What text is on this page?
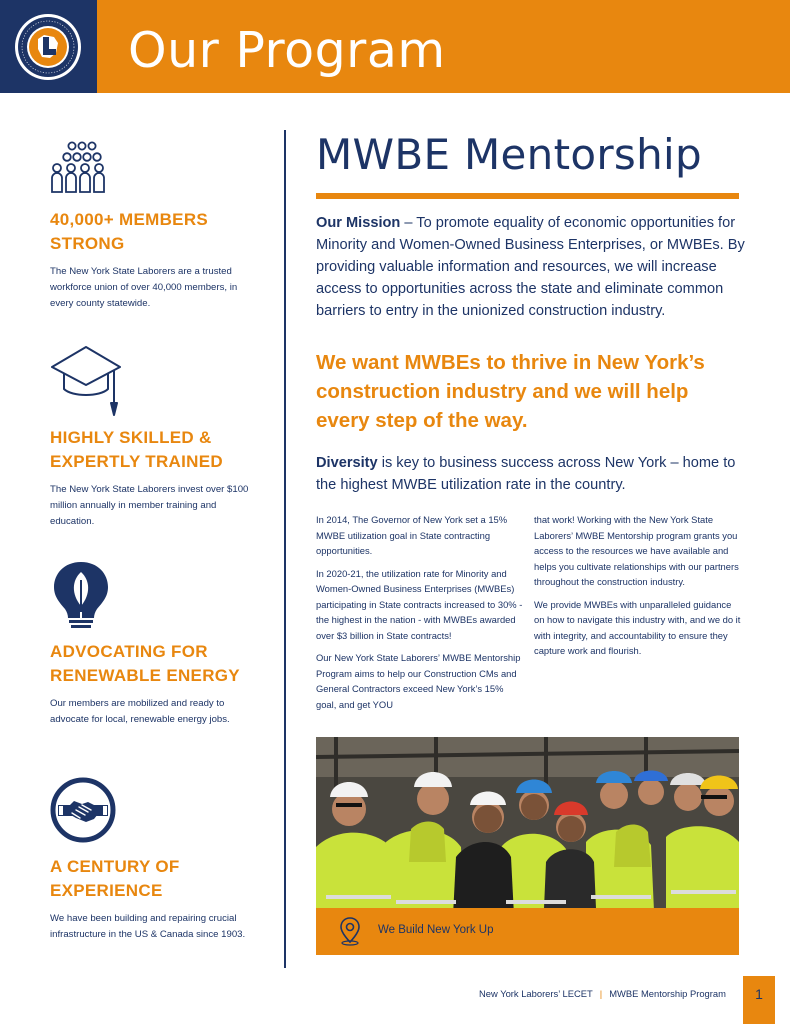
Our Program
40,000+ MEMBERS STRONG
The New York State Laborers are a trusted workforce union of over 40,000 members, in every county statewide.
HIGHLY SKILLED & EXPERTLY TRAINED
The New York State Laborers invest over $100 million annually in member training and education.
ADVOCATING FOR RENEWABLE ENERGY
Our members are mobilized and ready to advocate for local, renewable energy jobs.
A CENTURY OF EXPERIENCE
We have been building and repairing crucial infrastructure in the US & Canada since 1903.
MWBE Mentorship
Our Mission – To promote equality of economic opportunities for Minority and Women-Owned Business Enterprises, or MWBEs. By providing valuable information and resources, we will increase access to opportunities across the state and eliminate common barriers to entry in the unionized construction industry.
We want MWBEs to thrive in New York’s construction industry and we will help every step of the way.
Diversity is key to business success across New York – home to the highest MWBE utilization rate in the country.

In 2014, The Governor of New York set a 15% MWBE utilization goal in State contracting opportunities.

In 2020-21, the utilization rate for Minority and Women-Owned Business Enterprises (MWBEs) participating in State contracts increased to 30% - the highest in the nation - with MWBEs awarded over $3 billion in State contracts!

Our New York State Laborers’ MWBE Mentorship Program aims to help our Construction CMs and General Contractors exceed New York’s 15% goal, and get YOU

that work! Working with the New York State Laborers’ MWBE Mentorship program grants you access to the resources we have available and helps you cultivate relationships with our partners throughout the construction industry.

We provide MWBEs with unparalleled guidance on how to navigate this industry with, and we do it with integrity, and accountability to ensure they capture work and flourish.

We Build New York Up
New York Laborers’ LECET | MWBE Mentorship Program	1
